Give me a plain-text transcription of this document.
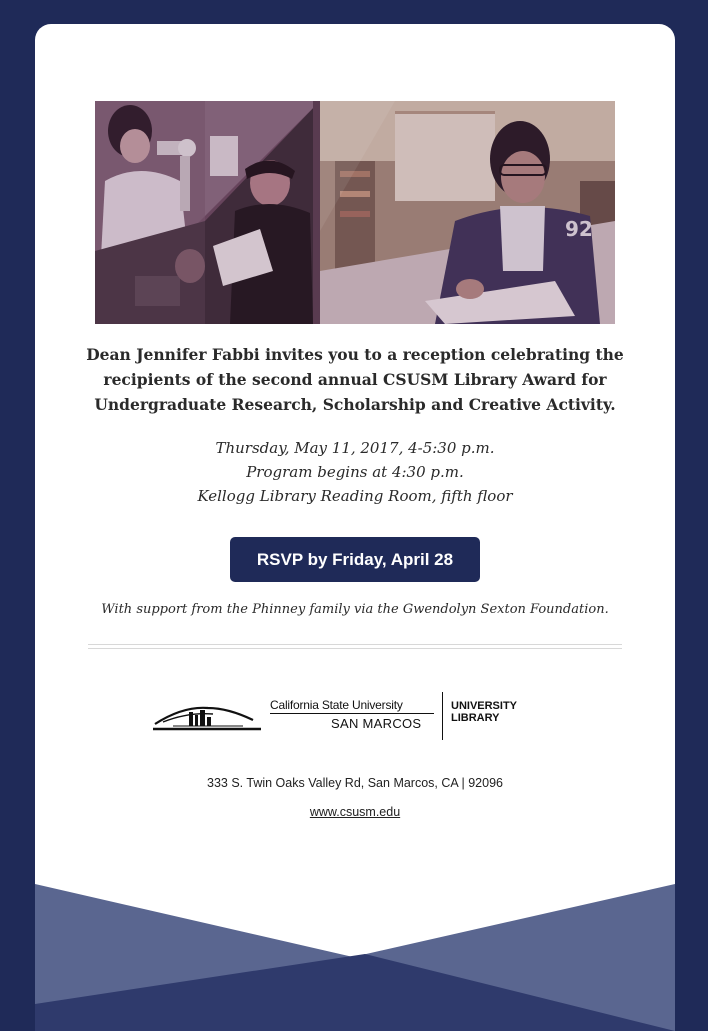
92

Dean Jennifer Fabbi invites you to a reception celebrating the recipients of the second annual CSUSM Library Award for Undergraduate Research, Scholarship and Creative Activity.

Thursday, May 11, 2017, 4-5:30 p.m.
Program begins at 4:30 p.m.
Kellogg Library Reading Room, fifth floor
RSVP by Friday, April 28
With support from the Phinney family via the Gwendolyn Sexton Foundation.
California State University
SAN MARCOS
UNIVERSITY
LIBRARY
333 S. Twin Oaks Valley Rd, San Marcos, CA | 92096
www.csusm.edu
